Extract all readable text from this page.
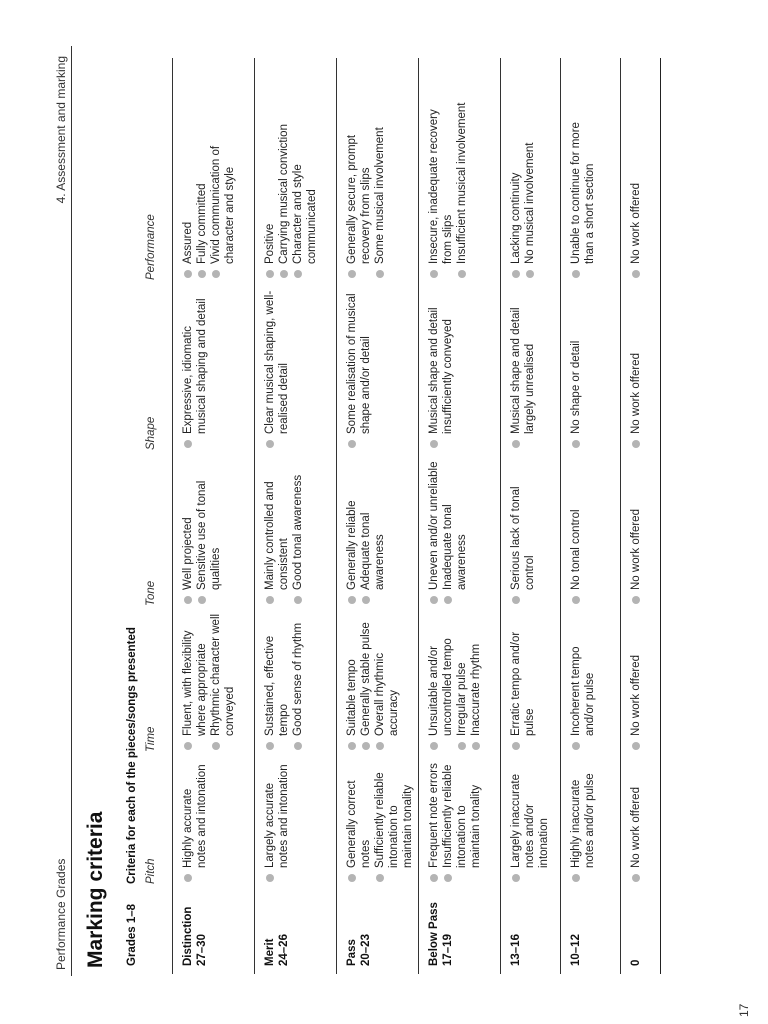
Performance Grades
4. Assessment and marking
17
Marking criteria Grades 1–8
Criteria for each of the pieces/songs presented Pitch
Time
Tone
Shape
Performance
Distinction 27–30
Highly accurate notes and intonation
Fluent, with flexibility where appropriate Rhythmic character well conveyed
Well projected Sensitive use of tonal qualities
Expressive, idiomatic musical shaping and detail
Assured Fully committed Vivid communication of character and style
Merit 24–26
Largely accurate notes and intonation
Sustained, effective tempo Good sense of rhythm
Mainly controlled and consistent Good tonal awareness
Clear musical shaping, well-realised detail
Positive Carrying musical conviction Character and style communicated
Pass 20–23
Generally correct notes Sufficiently reliable intonation to maintain tonality
Suitable tempo Generally stable pulse Overall rhythmic accuracy
Generally reliable Adequate tonal awareness
Some realisation of musical shape and/or detail
Generally secure, prompt recovery from slips Some musical involvement
Below Pass 17–19
Frequent note errors Insufficiently reliable intonation to maintain tonality
Unsuitable and/or uncontrolled tempo Irregular pulse Inaccurate rhythm
Uneven and/or unreliable Inadequate tonal awareness
Musical shape and detail insufficiently conveyed
Insecure, inadequate recovery from slips Insufficient musical involvement
13–16
Largely inaccurate notes and/or intonation
Erratic tempo and/or pulse
Serious lack of tonal control
Musical shape and detail largely unrealised
Lacking continuity No musical involvement
10–12
Highly inaccurate notes and/or pulse
Incoherent tempo and/or pulse
No tonal control
No shape or detail
Unable to continue for more than a short section
0
No work offered
No work offered
No work offered
No work offered
No work offered
